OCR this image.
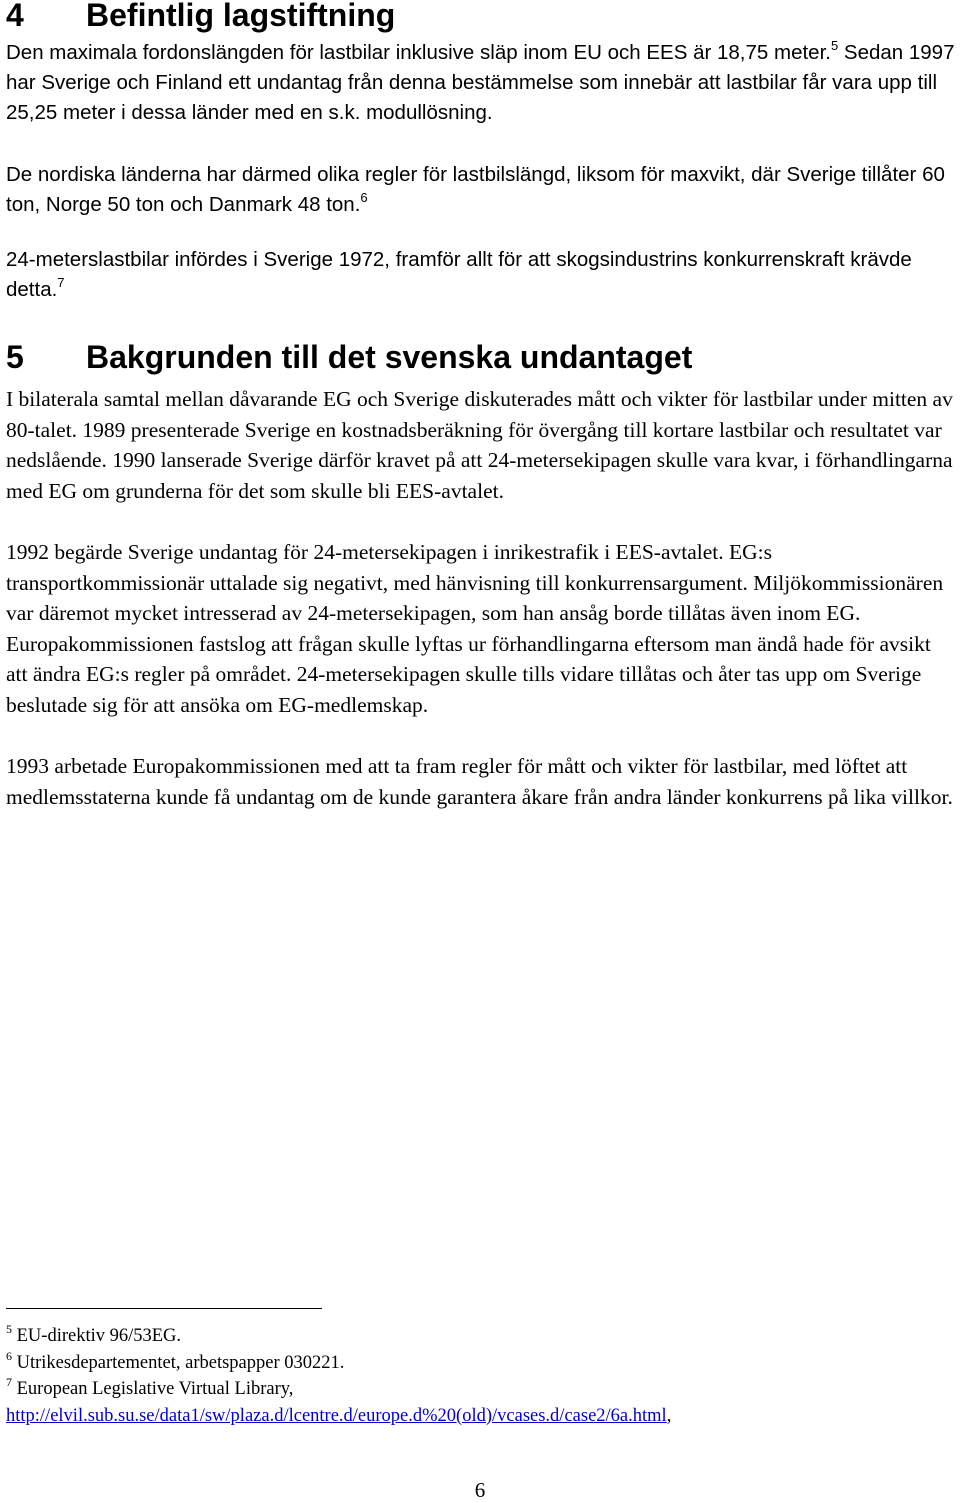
4 Befintlig lagstiftning

Den maximala fordonslängden för lastbilar inklusive släp inom EU och EES är 18,75 meter.$^5$ Sedan 1997 har Sverige och Finland ett undantag från denna bestämmelse som innebär att lastbilar får vara upp till 25,25 meter i dessa länder med en s.k. modullösning.

De nordiska länderna har därmed olika regler för lastbilslängd, liksom för maxvikt, där Sverige tillåter 60 ton, Norge 50 ton och Danmark 48 ton.$^6$

24-meterslastbilar infördes i Sverige 1972, framför allt för att skogsindustrins konkurrenskraft krävde detta.$^7$

5 Bakgrunden till det svenska undantaget

I bilaterala samtal mellan dåvarande EG och Sverige diskuterades mått och vikter för lastbilar under mitten av 80-talet. 1989 presenterade Sverige en kostnadsberäkning för övergång till kortare lastbilar och resultatet var nedslående. 1990 lanserade Sverige därför kravet på att 24-metersekipagen skulle vara kvar, i förhandlingarna med EG om grunderna för det som skulle bli EES-avtalet.

1992 begärde Sverige undantag för 24-metersekipagen i inrikestrafik i EES-avtalet. EG:s transportkommissionär uttalade sig negativt, med hänvisning till konkurrensargument. Miljökommissionären var däremot mycket intresserad av 24-metersekipagen, som han ansåg borde tillåtas även inom EG. Europakommissionen fastslog att frågan skulle lyftas ur förhandlingarna eftersom man ändå hade för avsikt att ändra EG:s regler på området. 24-metersekipagen skulle tills vidare tillåtas och åter tas upp om Sverige beslutade sig för att ansöka om EG-medlemskap.

1993 arbetade Europakommissionen med att ta fram regler för mått och vikter för lastbilar, med löftet att medlemsstaterna kunde få undantag om de kunde garantera åkare från andra länder konkurrens på lika villkor.

$^5$ EU-direktiv 96/53EG.
$^6$ Utrikesdepartementet, arbetspapper 030221.
$^7$ European Legislative Virtual Library,
http://elvil.sub.su.se/data1/sw/plaza.d/lcentre.d/europe.d%20(old)/vcases.d/case2/6a.html,
6
